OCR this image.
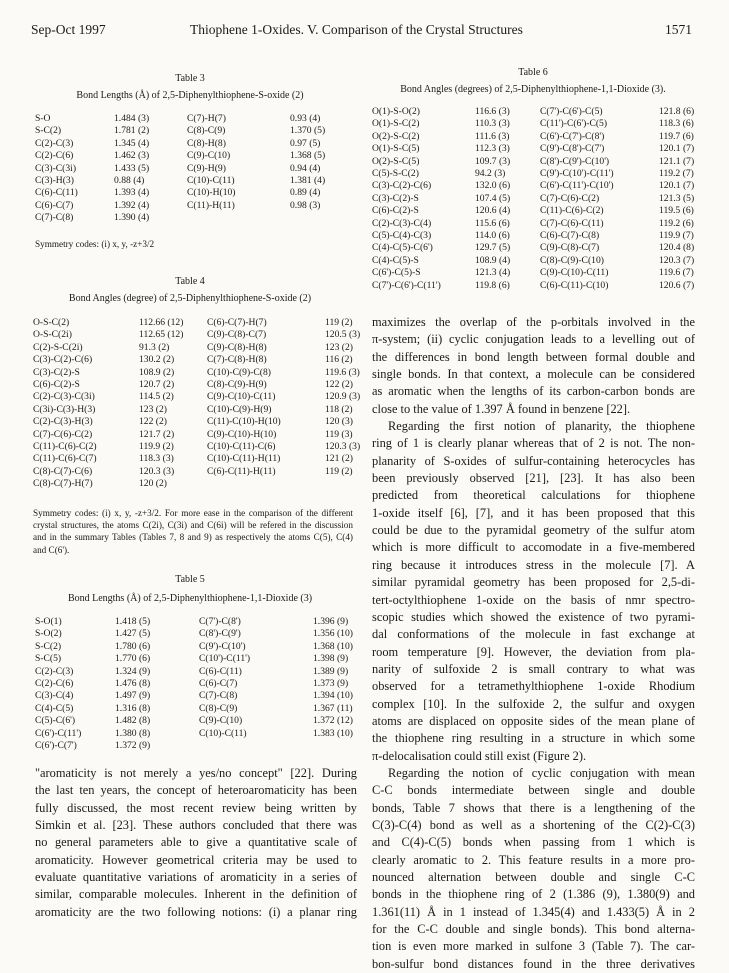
Sep-Oct 1997	Thiophene 1-Oxides. V. Comparison of the Crystal Structures	1571
Table 3
Bond Lengths (Å) of 2,5-Diphenylthiophene-S-oxide (2)
S-O	1.484 (3)	C(7)-H(7)	0.93 (4)
S-C(2)	1.781 (2)	C(8)-C(9)	1.370 (5)
C(2)-C(3)	1.345 (4)	C(8)-H(8)	0.97 (5)
C(2)-C(6)	1.462 (3)	C(9)-C(10)	1.368 (5)
C(3)-C(3i)	1.433 (5)	C(9)-H(9)	0.94 (4)
C(3)-H(3)	0.88 (4)	C(10)-C(11)	1.381 (4)
C(6)-C(11)	1.393 (4)	C(10)-H(10)	0.89 (4)
C(6)-C(7)	1.392 (4)	C(11)-H(11)	0.98 (3)
C(7)-C(8)	1.390 (4)
Symmetry codes: (i) x, y, -z+3/2
Table 4
Bond Angles (degree) of 2,5-Diphenylthiophene-S-oxide (2)
O-S-C(2)	112.66 (12)	C(6)-C(7)-H(7)	119 (2)
O-S-C(2i)	112.65 (12)	C(9)-C(8)-C(7)	120.5 (3)
C(2)-S-C(2i)	91.3 (2)	C(9)-C(8)-H(8)	123 (2)
C(3)-C(2)-C(6)	130.2 (2)	C(7)-C(8)-H(8)	116 (2)
C(3)-C(2)-S	108.9 (2)	C(10)-C(9)-C(8)	119.6 (3)
C(6)-C(2)-S	120.7 (2)	C(8)-C(9)-H(9)	122 (2)
C(2)-C(3)-C(3i)	114.5 (2)	C(9)-C(10)-C(11)	120.9 (3)
C(3i)-C(3)-H(3)	123 (2)	C(10)-C(9)-H(9)	118 (2)
C(2)-C(3)-H(3)	122 (2)	C(11)-C(10)-H(10)	120 (3)
C(7)-C(6)-C(2)	121.7 (2)	C(9)-C(10)-H(10)	119 (3)
C(11)-C(6)-C(2)	119.9 (2)	C(10)-C(11)-C(6)	120.3 (3)
C(11)-C(6)-C(7)	118.3 (3)	C(10)-C(11)-H(11)	121 (2)
C(8)-C(7)-C(6)	120.3 (3)	C(6)-C(11)-H(11)	119 (2)
C(8)-C(7)-H(7)	120 (2)
Symmetry codes: (i) x, y, -z+3/2. For more ease in the comparison of the different crystal structures, the atoms C(2i), C(3i) and C(6i) will be refered in the discussion and in the summary Tables (Tables 7, 8 and 9) as respectively the atoms C(5), C(4) and C(6').
Table 5
Bond Lengths (Å) of 2,5-Diphenylthiophene-1,1-Dioxide (3)
S-O(1)	1.418 (5)	C(7')-C(8')	1.396 (9)
S-O(2)	1.427 (5)	C(8')-C(9')	1.356 (10)
S-C(2)	1.780 (6)	C(9')-C(10')	1.368 (10)
S-C(5)	1.770 (6)	C(10')-C(11')	1.398 (9)
C(2)-C(3)	1.324 (9)	C(6)-C(11)	1.389 (9)
C(2)-C(6)	1.476 (8)	C(6)-C(7)	1.373 (9)
C(3)-C(4)	1.497 (9)	C(7)-C(8)	1.394 (10)
C(4)-C(5)	1.316 (8)	C(8)-C(9)	1.367 (11)
C(5)-C(6')	1.482 (8)	C(9)-C(10)	1.372 (12)
C(6')-C(11')	1.380 (8)	C(10)-C(11)	1.383 (10)
C(6')-C(7')	1.372 (9)
Table 6
Bond Angles (degrees) of 2,5-Diphenylthiophene-1,1-Dioxide (3).
O(1)-S-O(2)	116.6 (3)	C(7')-C(6')-C(5)	121.8 (6)
O(1)-S-C(2)	110.3 (3)	C(11')-C(6')-C(5)	118.3 (6)
O(2)-S-C(2)	111.6 (3)	C(6')-C(7')-C(8')	119.7 (6)
O(1)-S-C(5)	112.3 (3)	C(9')-C(8')-C(7')	120.1 (7)
O(2)-S-C(5)	109.7 (3)	C(8')-C(9')-C(10')	121.1 (7)
C(5)-S-C(2)	94.2 (3)	C(9')-C(10')-C(11')	119.2 (7)
C(3)-C(2)-C(6)	132.0 (6)	C(6')-C(11')-C(10')	120.1 (7)
C(3)-C(2)-S	107.4 (5)	C(7)-C(6)-C(2)	121.3 (5)
C(6)-C(2)-S	120.6 (4)	C(11)-C(6)-C(2)	119.5 (6)
C(2)-C(3)-C(4)	115.6 (6)	C(7)-C(6)-C(11)	119.2 (6)
C(5)-C(4)-C(3)	114.0 (6)	C(6)-C(7)-C(8)	119.9 (7)
C(4)-C(5)-C(6')	129.7 (5)	C(9)-C(8)-C(7)	120.4 (8)
C(4)-C(5)-S	108.9 (4)	C(8)-C(9)-C(10)	120.3 (7)
C(6')-C(5)-S	121.3 (4)	C(9)-C(10)-C(11)	119.6 (7)
C(7')-C(6')-C(11')	119.8 (6)	C(6)-C(11)-C(10)	120.6 (7)
"aromaticity is not merely a yes/no concept" [22]. During
the last ten years, the concept of heteroaromaticity has been
fully discussed, the most recent review being written by
Simkin et al. [23]. These authors concluded that there was
no general parameters able to give a quantitative scale of
aromaticity. However geometrical criteria may be used to
evaluate quantitative variations of aromaticity in a series of
similar, comparable molecules. Inherent in the definition of
aromaticity are the two following notions: (i) a planar ring
maximizes the overlap of the p-orbitals involved in the
π-system; (ii) cyclic conjugation leads to a levelling out of
the differences in bond length between formal double and
single bonds. In that context, a molecule can be considered
as aromatic when the lengths of its carbon-carbon bonds are
close to the value of 1.397 Å found in benzene [22].
Regarding the first notion of planarity, the thiophene
ring of 1 is clearly planar whereas that of 2 is not. The non-
planarity of S-oxides of sulfur-containing heterocycles has
been previously observed [21], [23]. It has also been
predicted from theoretical calculations for thiophene
1-oxide itself [6], [7], and it has been proposed that this
could be due to the pyramidal geometry of the sulfur atom
which is more difficult to accomodate in a five-membered
ring because it introduces stress in the molecule [7]. A
similar pyramidal geometry has been proposed for 2,5-di-
tert-octylthiophene 1-oxide on the basis of nmr spectro-
scopic studies which showed the existence of two pyrami-
dal conformations of the molecule in fast exchange at
room temperature [9]. However, the deviation from pla-
narity of sulfoxide 2 is small contrary to what was
observed for a tetramethylthiophene 1-oxide Rhodium
complex [10]. In the sulfoxide 2, the sulfur and oxygen
atoms are displaced on opposite sides of the mean plane of
the thiophene ring resulting in a structure in which some
π-delocalisation could still exist (Figure 2).
Regarding the notion of cyclic conjugation with mean
C-C bonds intermediate between single and double
bonds, Table 7 shows that there is a lengthening of the
C(3)-C(4) bond as well as a shortening of the C(2)-C(3)
and C(4)-C(5) bonds when passing from 1 which is
clearly aromatic to 2. This feature results in a more pro-
nounced alternation between double and single C-C
bonds in the thiophene ring of 2 (1.386 (9), 1.380(9) and
1.361(11) Å in 1 instead of 1.345(4) and 1.433(5) Å in 2
for the C-C double and single bonds). This bond alterna-
tion is even more marked in sulfone 3 (Table 7). The car-
bon-sulfur bond distances found in the three derivatives
